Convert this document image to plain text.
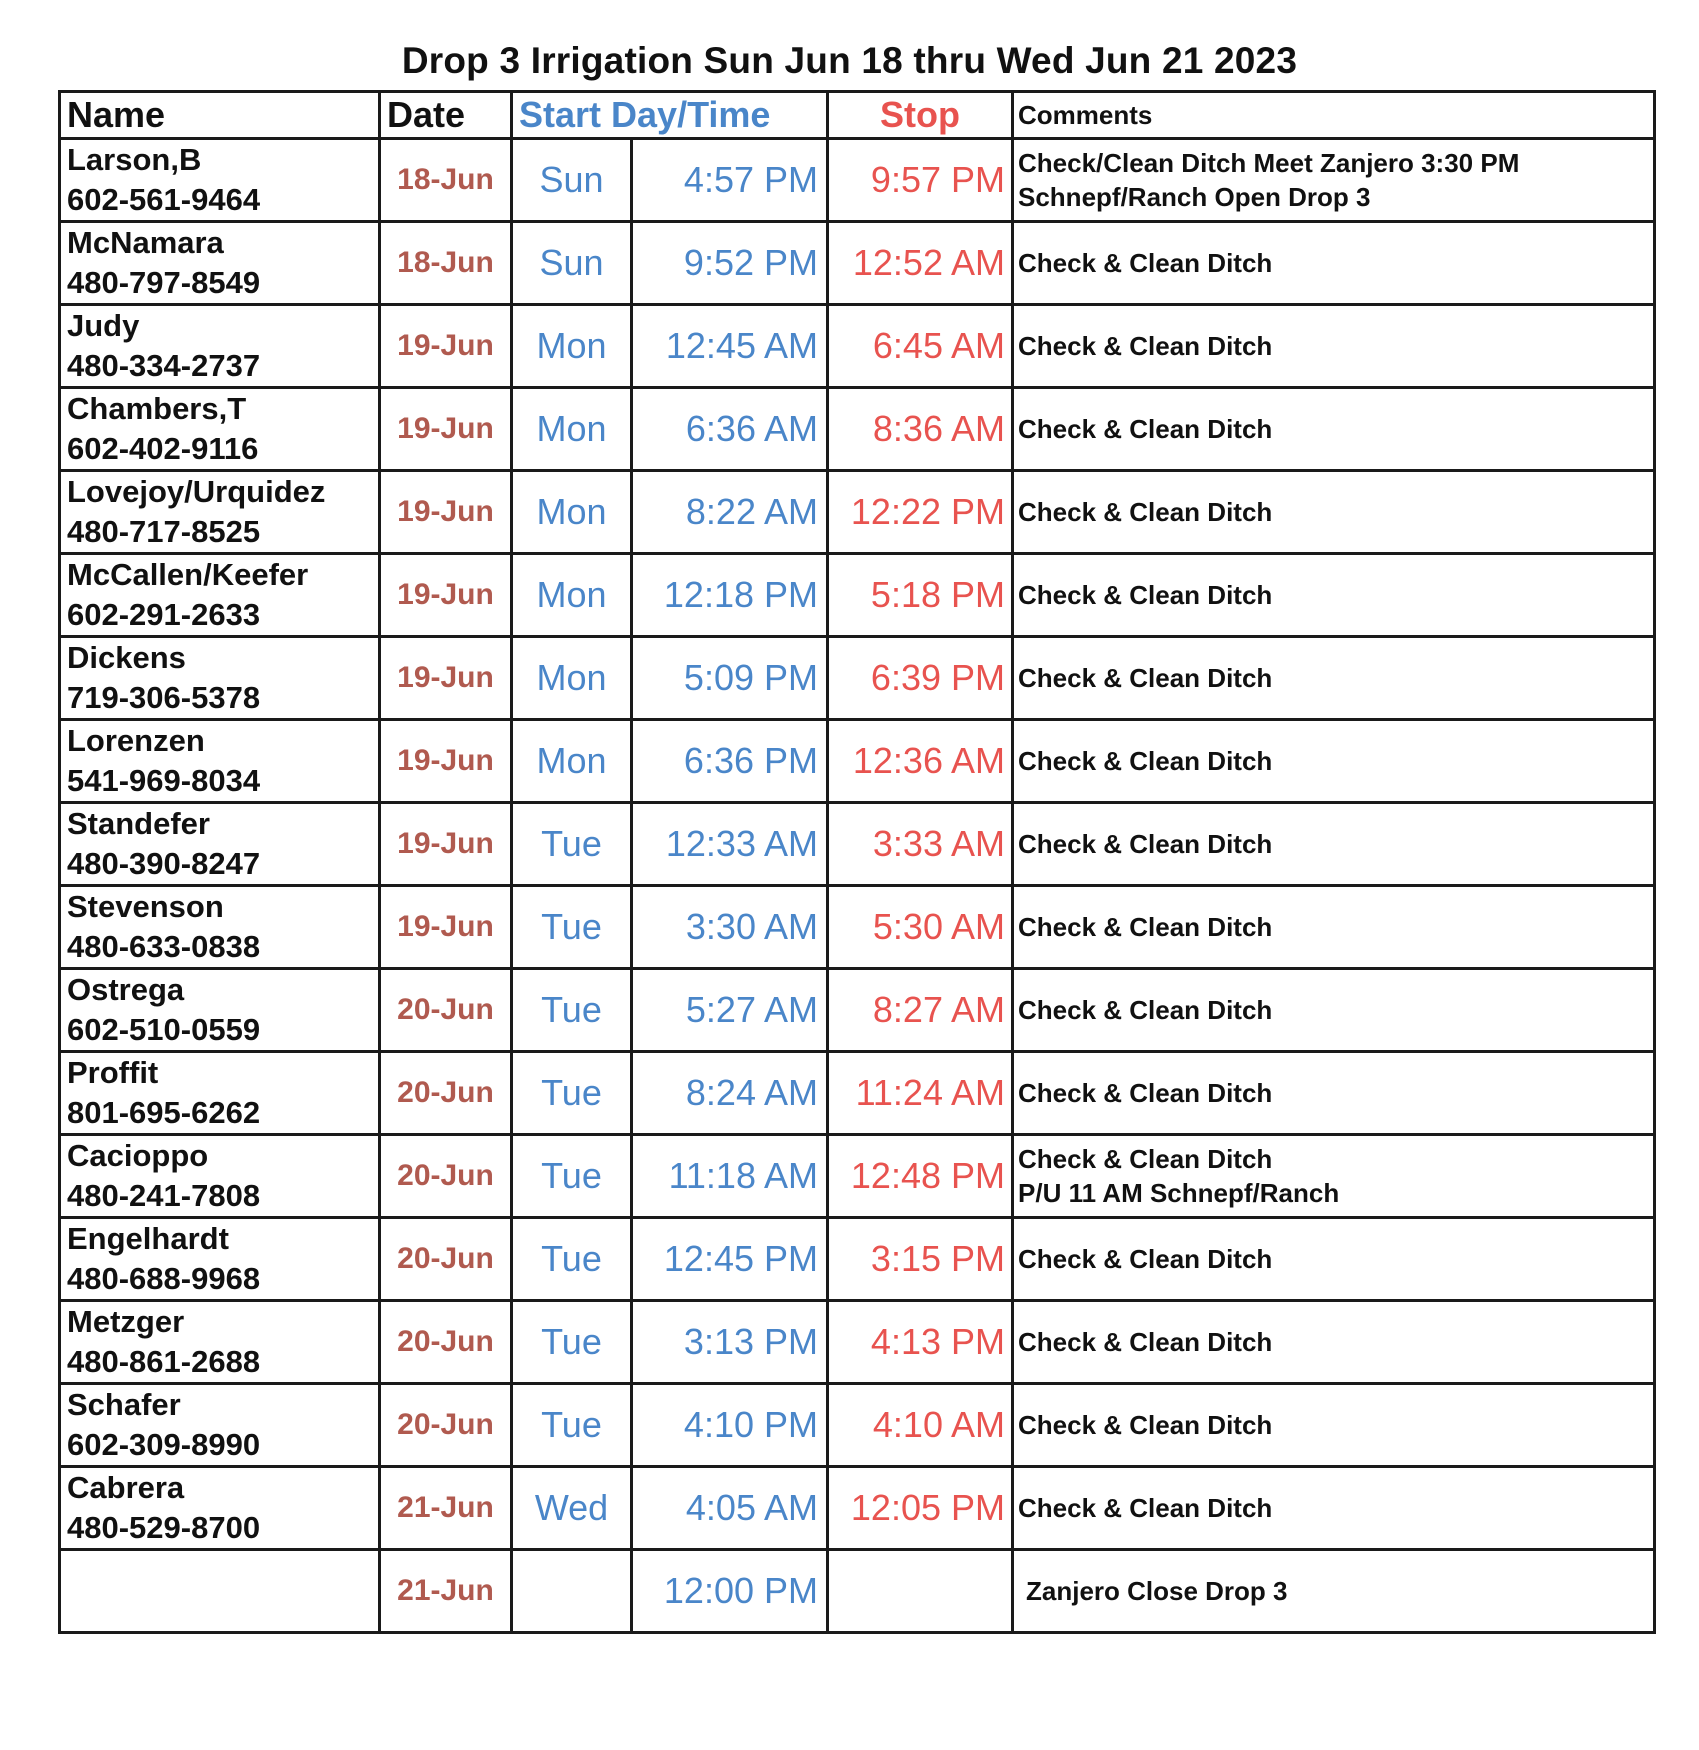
Drop 3 Irrigation Sun Jun 18 thru Wed Jun 21 2023
Name	Date	Start Day/Time		Stop	Comments

Larson,B
602-561-9464	18-Jun	Sun	4:57 PM	9:57 PM	Check/Clean Ditch Meet Zanjero 3:30 PM
Schnepf/Ranch Open Drop 3

McNamara
480-797-8549	18-Jun	Sun	9:52 PM	12:52 AM	Check & Clean Ditch

Judy
480-334-2737	19-Jun	Mon	12:45 AM	6:45 AM	Check & Clean Ditch

Chambers,T
602-402-9116	19-Jun	Mon	6:36 AM	8:36 AM	Check & Clean Ditch

Lovejoy/Urquidez
480-717-8525	19-Jun	Mon	8:22 AM	12:22 PM	Check & Clean Ditch

McCallen/Keefer
602-291-2633	19-Jun	Mon	12:18 PM	5:18 PM	Check & Clean Ditch

Dickens
719-306-5378	19-Jun	Mon	5:09 PM	6:39 PM	Check & Clean Ditch

Lorenzen
541-969-8034	19-Jun	Mon	6:36 PM	12:36 AM	Check & Clean Ditch

Standefer
480-390-8247	19-Jun	Tue	12:33 AM	3:33 AM	Check & Clean Ditch

Stevenson
480-633-0838	19-Jun	Tue	3:30 AM	5:30 AM	Check & Clean Ditch

Ostrega
602-510-0559	20-Jun	Tue	5:27 AM	8:27 AM	Check & Clean Ditch

Proffit
801-695-6262	20-Jun	Tue	8:24 AM	11:24 AM	Check & Clean Ditch

Cacioppo
480-241-7808	20-Jun	Tue	11:18 AM	12:48 PM	Check & Clean Ditch
P/U 11 AM Schnepf/Ranch

Engelhardt
480-688-9968	20-Jun	Tue	12:45 PM	3:15 PM	Check & Clean Ditch

Metzger
480-861-2688	20-Jun	Tue	3:13 PM	4:13 PM	Check & Clean Ditch

Schafer
602-309-8990	20-Jun	Tue	4:10 PM	4:10 AM	Check & Clean Ditch

Cabrera
480-529-8700	21-Jun	Wed	4:05 AM	12:05 PM	Check & Clean Ditch

	21-Jun		12:00 PM		Zanjero Close Drop 3
